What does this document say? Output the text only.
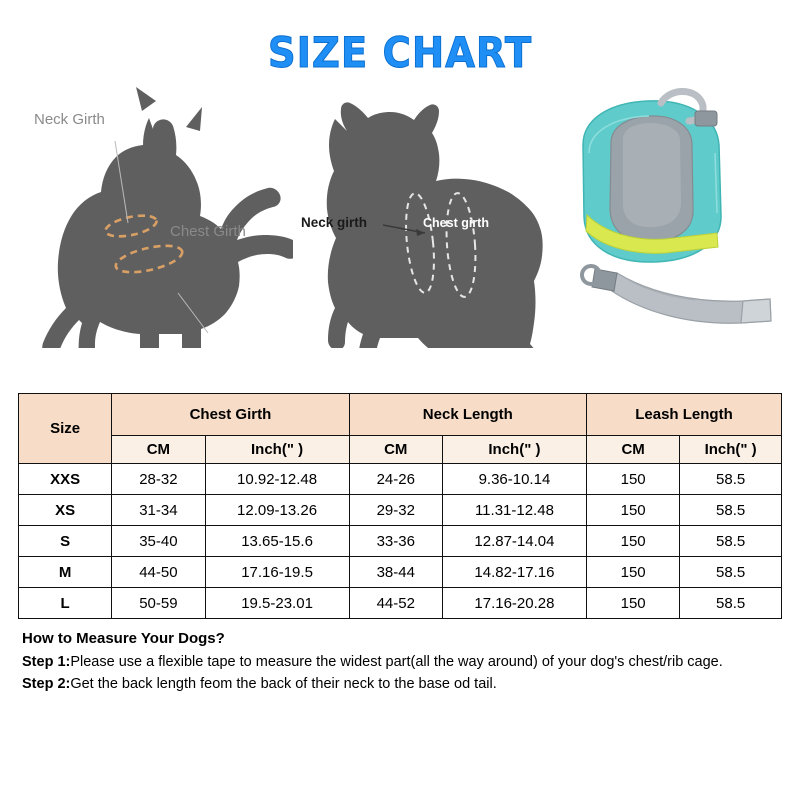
SIZE CHART
Neck Girth
Chest Girth
Neck girth	Chest girth
Size	Chest Girth		Neck Length		Leash Length	
	CM	Inch(" )	CM	Inch(" )	CM	Inch(" )
XXS	28-32	10.92-12.48	24-26	9.36-10.14	150	58.5
XS	31-34	12.09-13.26	29-32	11.31-12.48	150	58.5
S	35-40	13.65-15.6	33-36	12.87-14.04	150	58.5
M	44-50	17.16-19.5	38-44	14.82-17.16	150	58.5
L	50-59	19.5-23.01	44-52	17.16-20.28	150	58.5
How to Measure Your Dogs?
Step 1:Please use a flexible tape to measure the widest part(all the way around) of your dog's chest/rib cage.
Step 2:Get the back length feom the back of their neck to the base od tail.
